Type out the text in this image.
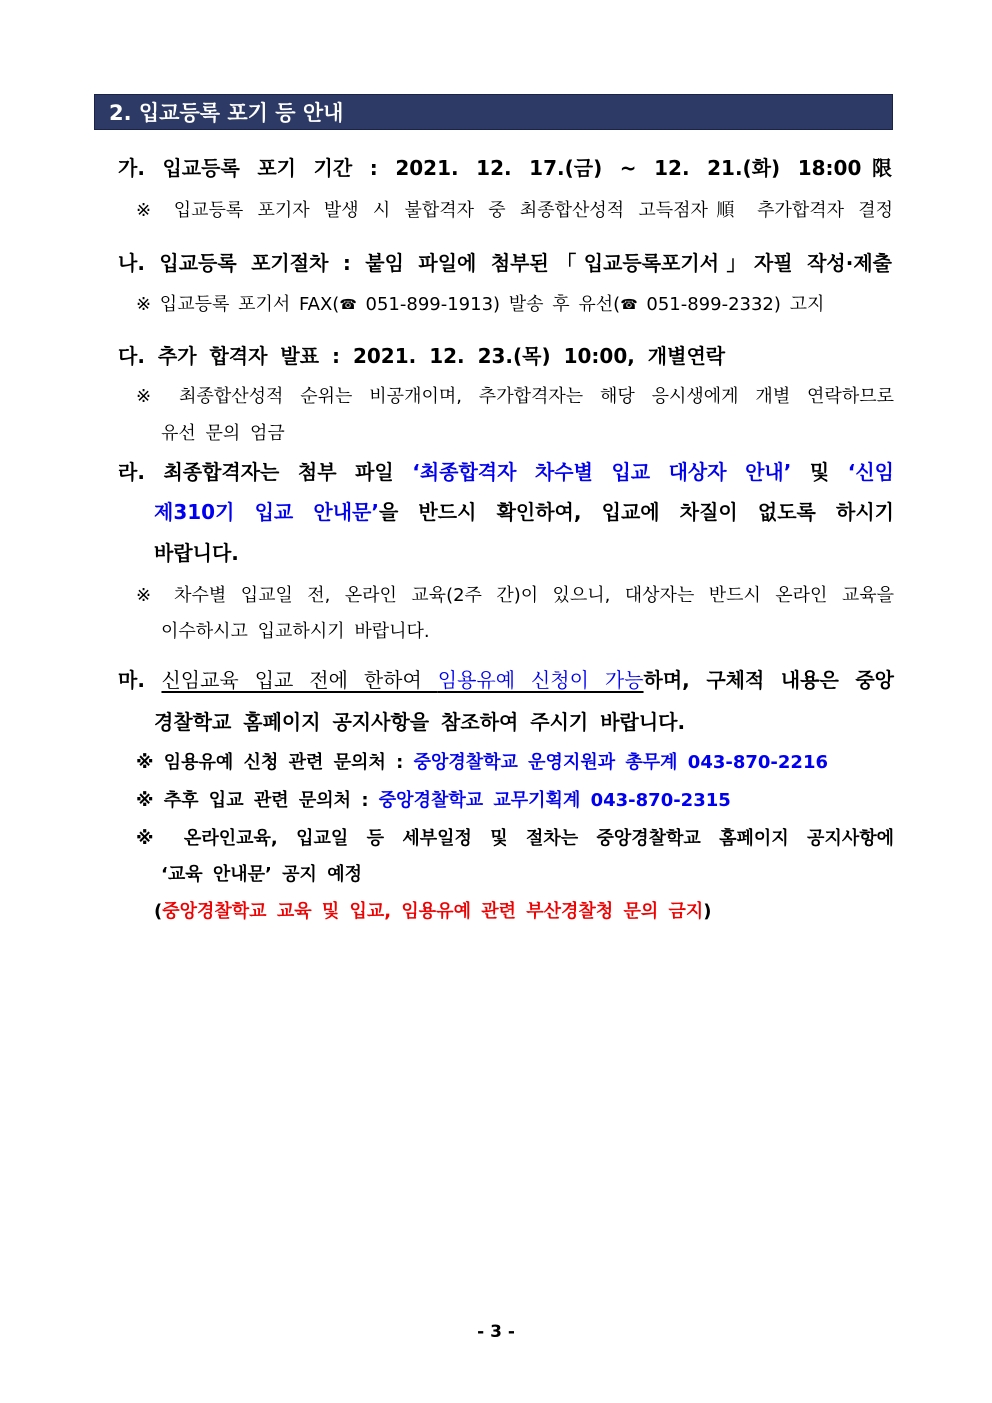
2. 입교등록 포기 등 안내
가. 입교등록 포기 기간 : 2021. 12. 17.(금) ~ 12. 21.(화) 18:00限
※ 입교등록 포기자 발생 시 불합격자 중 최종합산성적 고득점자順 추가합격자 결정
나. 입교등록 포기절차 : 붙임 파일에 첨부된「입교등록포기서」자필 작성·제출
※ 입교등록 포기서 FAX(☎ 051-899-1913) 발송 후 유선(☎ 051-899-2332) 고지
다. 추가 합격자 발표 : 2021. 12. 23.(목) 10:00, 개별연락
※ 최종합산성적 순위는 비공개이며, 추가합격자는 해당 응시생에게 개별 연락하므로
유선 문의 엄금
라. 최종합격자는 첨부 파일 ‘최종합격자 차수별 입교 대상자 안내’ 및 ‘신임
제310기 입교 안내문’을 반드시 확인하여, 입교에 차질이 없도록 하시기
바랍니다.
※ 차수별 입교일 전, 온라인 교육(2주 간)이 있으니, 대상자는 반드시 온라인 교육을
이수하시고 입교하시기 바랍니다.
마. 신임교육 입교 전에 한하여 임용유예 신청이 가능하며, 구체적 내용은 중앙
경찰학교 홈페이지 공지사항을 참조하여 주시기 바랍니다.
※ 임용유예 신청 관련 문의처 : 중앙경찰학교 운영지원과 총무계 043-870-2216
※ 추후 입교 관련 문의처 : 중앙경찰학교 교무기획계 043-870-2315
※ 온라인교육, 입교일 등 세부일정 및 절차는 중앙경찰학교 홈페이지 공지사항에
‘교육 안내문’ 공지 예정
(중앙경찰학교 교육 및 입교, 임용유예 관련 부산경찰청 문의 금지)
- 3 -
